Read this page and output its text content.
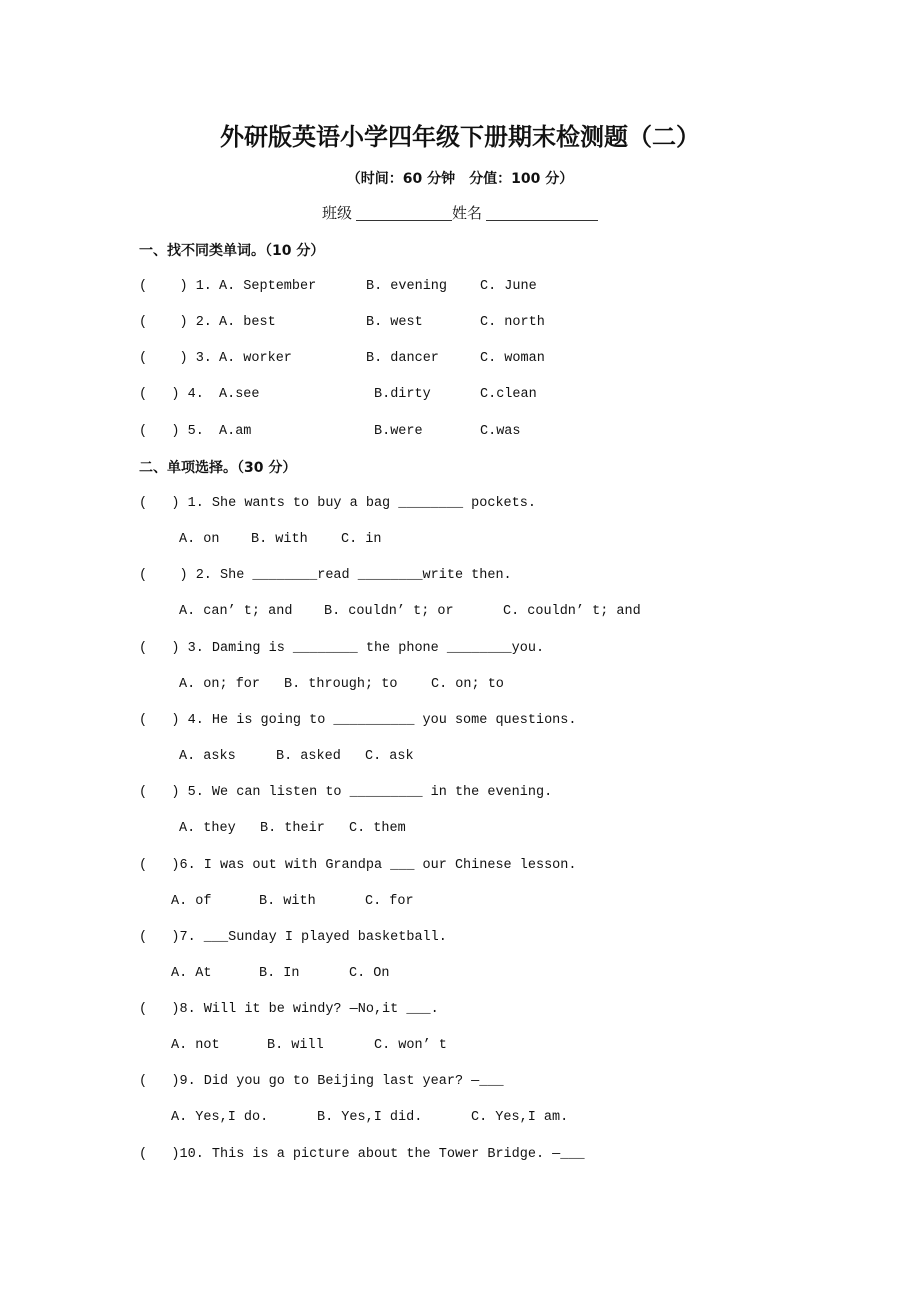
外研版英语小学四年级下册期末检测题（二）
（时间：60 分钟　分值：100 分）
班级	姓名
一、找不同类单词。（10 分）
(    ) 1. A. September	B. evening C. June
(    ) 2. A. best	B. west	C. north
(    ) 3. A. worker	B. dancer	C. woman
(   ) 4. A.see	B.dirty	C.clean
(   ) 5. A.am	B.were	C.was
二、单项选择。（30 分）
(   ) 1. She wants to buy a bag ________ pockets.
A. on B. with C. in
(    ) 2. She ________read ________write then.
A. can’ t; and B. couldn’ t; or	C. couldn’ t; and
(   ) 3. Daming is ________ the phone ________you.
A. on; for B. through; to C. on; to
(   ) 4. He is going to __________ you some questions.
A. asks	B. asked C. ask
(   ) 5. We can listen to _________ in the evening.
A. they B. their C. them
(   )6. I was out with Grandpa ___ our Chinese lesson.
A. of	B. with	C. for
(   )7. ___Sunday I played basketball.
A. At	B. In	C. On
(   )8. Will it be windy? —No,it ___.
A. not	B. will	C. won’ t
(   )9. Did you go to Beijing last year? —___
A. Yes,I do.	B. Yes,I did.	C. Yes,I am.
(   )10. This is a picture about the Tower Bridge. —___
